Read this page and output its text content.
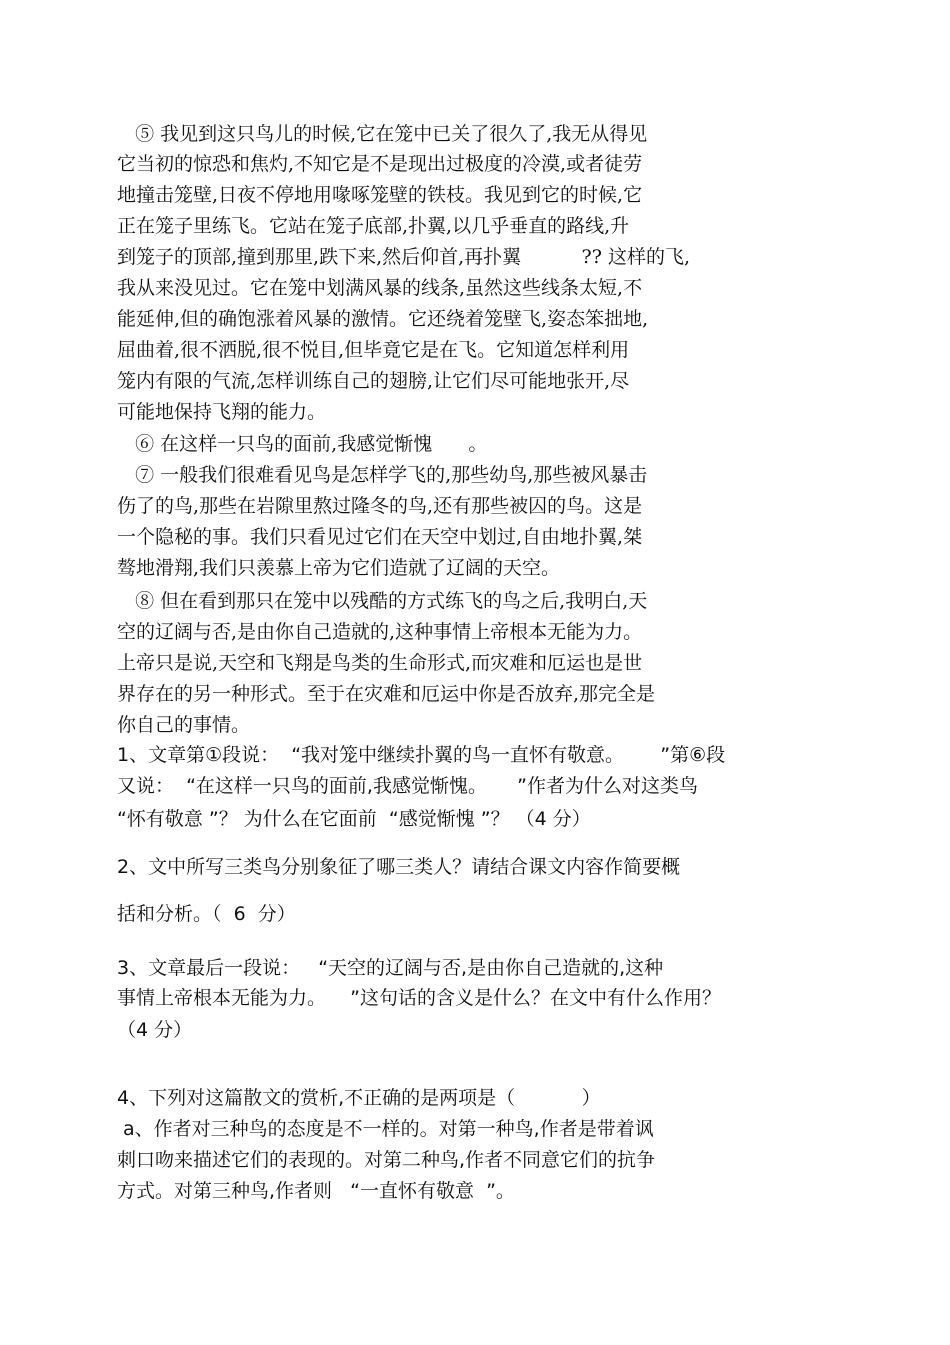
⑤ 我见到这只鸟儿的时候,它在笼中已关了很久了,我无从得见
它当初的惊恐和焦灼,不知它是不是现出过极度的冷漠,或者徒劳
地撞击笼壁,日夜不停地用喙啄笼壁的铁枝。我见到它的时候,它
正在笼子里练飞。它站在笼子底部,扑翼,以几乎垂直的路线,升
到笼子的顶部,撞到那里,跌下来,然后仰首,再扑翼          ?? 这样的飞,
我从来没见过。它在笼中划满风暴的线条,虽然这些线条太短,不
能延伸,但的确饱涨着风暴的激情。它还绕着笼壁飞,姿态笨拙地,
屈曲着,很不洒脱,很不悦目,但毕竟它是在飞。它知道怎样利用
笼内有限的气流,怎样训练自己的翅膀,让它们尽可能地张开,尽
可能地保持飞翔的能力。
⑥ 在这样一只鸟的面前,我感觉惭愧      。
⑦ 一般我们很难看见鸟是怎样学飞的,那些幼鸟,那些被风暴击
伤了的鸟,那些在岩隙里熬过隆冬的鸟,还有那些被囚的鸟。这是
一个隐秘的事。我们只看见过它们在天空中划过,自由地扑翼,桀
骜地滑翔,我们只羡慕上帝为它们造就了辽阔的天空。
⑧ 但在看到那只在笼中以残酷的方式练飞的鸟之后,我明白,天
空的辽阔与否,是由你自己造就的,这种事情上帝根本无能为力。
上帝只是说,天空和飞翔是鸟类的生命形式,而灾难和厄运也是世
界存在的另一种形式。至于在灾难和厄运中你是否放弃,那完全是
你自己的事情。
1、文章第①段说：  “我对笼中继续扑翼的鸟一直怀有敬意。      ”第⑥段
又说：  “在这样一只鸟的面前,我感觉惭愧。     ”作者为什么对这类鸟
“怀有敬意 ”？ 为什么在它面前  “感觉惭愧 ”？ （4 分）
2、文中所写三类鸟分别象征了哪三类人？请结合课文内容作简要概
括和分析。（  6  分）
3、文章最后一段说：   “天空的辽阔与否,是由你自己造就的,这种
事情上帝根本无能为力。    ”这句话的含义是什么？在文中有什么作用？
（4 分）
4、下列对这篇散文的赏析,不正确的是两项是（           ）
a、作者对三种鸟的态度是不一样的。对第一种鸟,作者是带着讽
刺口吻来描述它们的表现的。对第二种鸟,作者不同意它们的抗争
方式。对第三种鸟,作者则   “一直怀有敬意  ”。
